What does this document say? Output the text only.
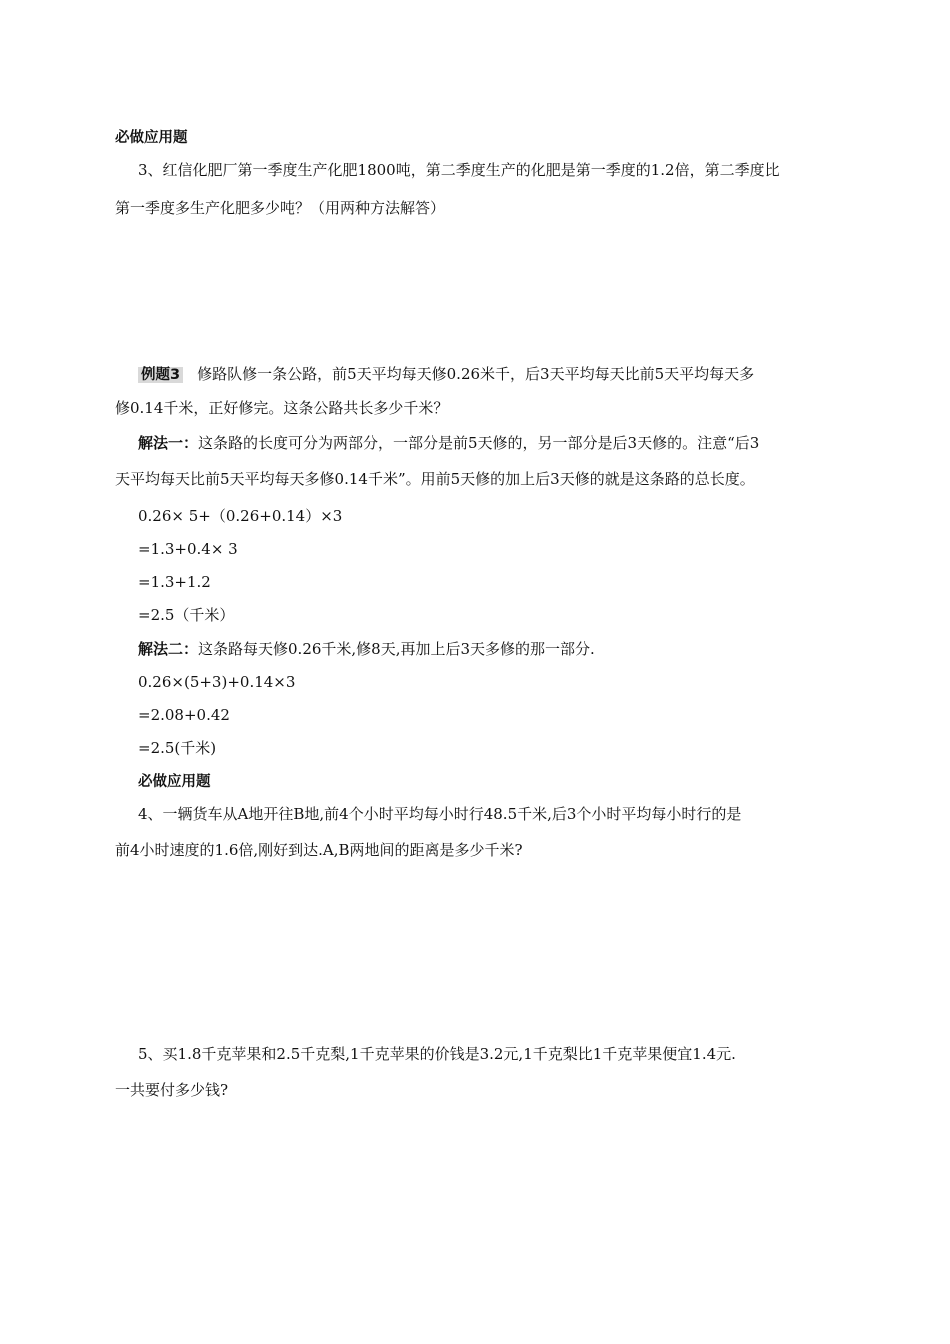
必做应用题
3、红信化肥厂第一季度生产化肥1800吨，第二季度生产的化肥是第一季度的1.2倍，第二季度比
第一季度多生产化肥多少吨？（用两种方法解答）
例题3 修路队修一条公路，前5天平均每天修0.26米千，后3天平均每天比前5天平均每天多
修0.14千米，正好修完。这条公路共长多少千米？
解法一：这条路的长度可分为两部分，一部分是前5天修的，另一部分是后3天修的。注意“后3
天平均每天比前5天平均每天多修0.14千米”。用前5天修的加上后3天修的就是这条路的总长度。
0.26× 5+（0.26+0.14）×3
=1.3+0.4× 3
=1.3+1.2
=2.5（千米）
解法二：这条路每天修0.26千米,修8天,再加上后3天多修的那一部分.
0.26×(5+3)+0.14×3
=2.08+0.42
=2.5(千米)
必做应用题
4、一辆货车从A地开往B地,前4个小时平均每小时行48.5千米,后3个小时平均每小时行的是
前4小时速度的1.6倍,刚好到达.A,B两地间的距离是多少千米?
5、买1.8千克苹果和2.5千克梨,1千克苹果的价钱是3.2元,1千克梨比1千克苹果便宜1.4元.
一共要付多少钱?
